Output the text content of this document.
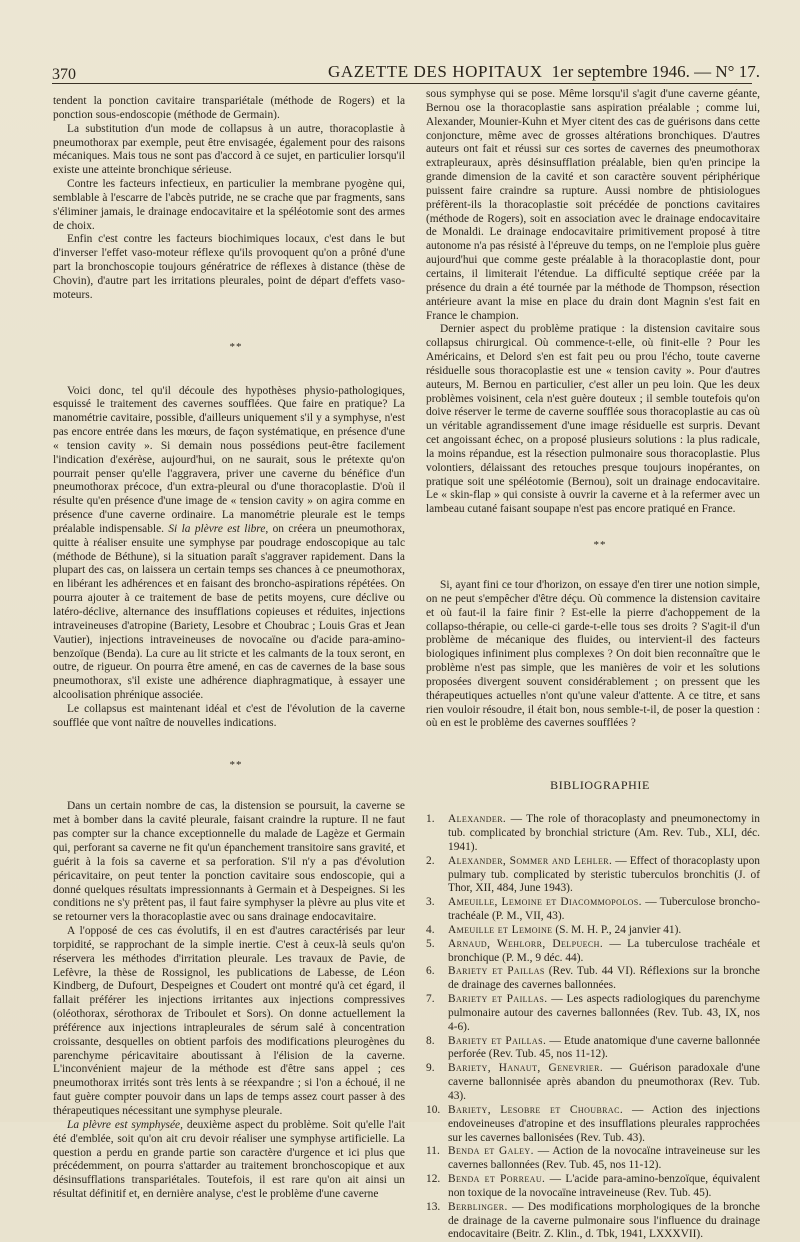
370	GAZETTE DES HOPITAUX 1er septembre 1946. — N° 17.

tendent la ponction cavitaire transpariétale (méthode de Rogers) et la ponction sous-endoscopie (méthode de Germain).

La substitution d'un mode de collapsus à un autre, thoracoplastie à pneumothorax par exemple, peut être envisagée, également pour des raisons mécaniques. Mais tous ne sont pas d'accord à ce sujet, en particulier lorsqu'il existe une atteinte bronchique sérieuse.

Contre les facteurs infectieux, en particulier la membrane pyogène qui, semblable à l'escarre de l'abcès putride, ne se crache que par fragments, sans s'éliminer jamais, le drainage endocavitaire et la spéléotomie sont des armes de choix.

Enfin c'est contre les facteurs biochimiques locaux, c'est dans le but d'inverser l'effet vaso-moteur réflexe qu'ils provoquent qu'on a prôné d'une part la bronchoscopie toujours génératrice de réflexes à distance (thèse de Chovin), d'autre part les irritations pleurales, point de départ d'effets vaso-moteurs.

**

Voici donc, tel qu'il découle des hypothèses physio-pathologiques, esquissé le traitement des cavernes soufflées. Que faire en pratique? La manométrie cavitaire, possible, d'ailleurs uniquement s'il y a symphyse, n'est pas encore entrée dans les mœurs, de façon systématique, en présence d'une « tension cavity ». Si demain nous possédions peut-être facilement l'indication d'exérèse, aujourd'hui, on ne saurait, sous le prétexte qu'on pourrait penser qu'elle l'aggravera, priver une caverne du bénéfice d'un pneumothorax précoce, d'un extra-pleural ou d'une thoracoplastie. D'où il résulte qu'en présence d'une image de « tension cavity » on agira comme en présence d'une caverne ordinaire. La manométrie pleurale est le temps préalable indispensable. Si la plèvre est libre, on créera un pneumothorax, quitte à réaliser ensuite une symphyse par poudrage endoscopique au talc (méthode de Béthune), si la situation paraît s'aggraver rapidement. Dans la plupart des cas, on laissera un certain temps ses chances à ce pneumothorax, en libérant les adhérences et en faisant des broncho-aspirations répétées. On pourra ajouter à ce traitement de base de petits moyens, cure déclive ou latéro-déclive, alternance des insufflations copieuses et réduites, injections intraveineuses d'atropine (Bariety, Lesobre et Choubrac ; Louis Gras et Jean Vautier), injections intraveineuses de novocaïne ou d'acide para-amino-benzoïque (Benda). La cure au lit stricte et les calmants de la toux seront, en outre, de rigueur. On pourra être amené, en cas de cavernes de la base sous pneumothorax, s'il existe une adhérence diaphragmatique, à essayer une alcoolisation phrénique associée.

Le collapsus est maintenant idéal et c'est de l'évolution de la caverne soufflée que vont naître de nouvelles indications.

**

Dans un certain nombre de cas, la distension se poursuit, la caverne se met à bomber dans la cavité pleurale, faisant craindre la rupture. Il ne faut pas compter sur la chance exceptionnelle du malade de Lagèze et Germain qui, perforant sa caverne ne fit qu'un épanchement transitoire sans gravité, et guérit à la fois sa caverne et sa perforation. S'il n'y a pas d'évolution péricavitaire, on peut tenter la ponction cavitaire sous endoscopie, qui a donné quelques résultats impressionnants à Germain et à Despeignes. Si les conditions ne s'y prêtent pas, il faut faire symphyser la plèvre au plus vite et se retourner vers la thoracoplastie avec ou sans drainage endocavitaire.

A l'opposé de ces cas évolutifs, il en est d'autres caractérisés par leur torpidité, se rapprochant de la simple inertie. C'est à ceux-là seuls qu'on réservera les méthodes d'irritation pleurale. Les travaux de Pavie, de Lefèvre, la thèse de Rossignol, les publications de Labesse, de Léon Kindberg, de Dufourt, Despeignes et Coudert ont montré qu'à cet égard, il fallait préférer les injections irritantes aux injections compressives (oléothorax, sérothorax de Triboulet et Sors). On donne actuellement la préférence aux injections intrapleurales de sérum salé à concentration croissante, desquelles on obtient parfois des modifications pleurogènes du parenchyme péricavitaire aboutissant à l'élision de la caverne. L'inconvénient majeur de la méthode est d'être sans appel ; ces pneumothorax irrités sont très lents à se réexpandre ; si l'on a échoué, il ne faut guère compter pouvoir dans un laps de temps assez court passer à des thérapeutiques nécessitant une symphyse pleurale.

La plèvre est symphysée, deuxième aspect du problème. Soit qu'elle l'ait été d'emblée, soit qu'on ait cru devoir réaliser une symphyse artificielle. La question a perdu en grande partie son caractère d'urgence et ici plus que précédemment, on pourra s'attarder au traitement bronchoscopique et aux désinsufflations transpariétales. Toutefois, il est rare qu'on ait ainsi un résultat définitif et, en dernière analyse, c'est le problème d'une caverne

sous symphyse qui se pose. Même lorsqu'il s'agit d'une caverne géante, Bernou ose la thoracoplastie sans aspiration préalable ; comme lui, Alexander, Mounier-Kuhn et Myer citent des cas de guérisons dans cette conjoncture, même avec de grosses altérations bronchiques. D'autres auteurs ont fait et réussi sur ces sortes de cavernes des pneumothorax extrapleuraux, après désinsufflation préalable, bien qu'en principe la grande dimension de la cavité et son caractère souvent périphérique puissent faire craindre sa rupture. Aussi nombre de phtisiologues préfèrent-ils la thoracoplastie soit précédée de ponctions cavitaires (méthode de Rogers), soit en association avec le drainage endocavitaire de Monaldi. Le drainage endocavitaire primitivement proposé à titre autonome n'a pas résisté à l'épreuve du temps, on ne l'emploie plus guère aujourd'hui que comme geste préalable à la thoracoplastie dont, pour certains, il limiterait l'étendue. La difficulté septique créée par la présence du drain a été tournée par la méthode de Thompson, résection antérieure avant la mise en place du drain dont Magnin s'est fait en France le champion.

Dernier aspect du problème pratique : la distension cavitaire sous collapsus chirurgical. Où commence-t-elle, où finit-elle ? Pour les Américains, et Delord s'en est fait peu ou prou l'écho, toute caverne résiduelle sous thoracoplastie est une « tension cavity ». Pour d'autres auteurs, M. Bernou en particulier, c'est aller un peu loin. Que les deux problèmes voisinent, cela n'est guère douteux ; il semble toutefois qu'on doive réserver le terme de caverne soufflée sous thoracoplastie au cas où un véritable agrandissement d'une image résiduelle est surpris. Devant cet angoissant échec, on a proposé plusieurs solutions : la plus radicale, la moins répandue, est la résection pulmonaire sous thoracoplastie. Plus volontiers, délaissant des retouches presque toujours inopérantes, on pratique soit une spéléotomie (Bernou), soit un drainage endocavitaire. Le « skin-flap » qui consiste à ouvrir la caverne et à la refermer avec un lambeau cutané faisant soupape n'est pas encore pratiqué en France.

**

Si, ayant fini ce tour d'horizon, on essaye d'en tirer une notion simple, on ne peut s'empêcher d'être déçu. Où commence la distension cavitaire et où faut-il la faire finir ? Est-elle la pierre d'achoppement de la collapso-thérapie, ou celle-ci garde-t-elle tous ses droits ? S'agit-il d'un problème de mécanique des fluides, ou intervient-il des facteurs biologiques infiniment plus complexes ? On doit bien reconnaître que le problème n'est pas simple, que les manières de voir et les solutions proposées divergent souvent considérablement ; on pressent que les thérapeutiques actuelles n'ont qu'une valeur d'attente. A ce titre, et sans rien vouloir résoudre, il était bon, nous semble-t-il, de poser la question : où en est le problème des cavernes soufflées ?

BIBLIOGRAPHIE

1.	Alexander. — The role of thoracoplasty and pneumonectomy in tub. complicated by bronchial stricture (Am. Rev. Tub., XLI, déc. 1941).
2.	Alexander, Sommer and Lehler. — Effect of thoracoplasty upon pulmary tub. complicated by steristic tuberculos bronchitis (J. of Thor, XII, 484, June 1943).
3.	Ameuille, Lemoine et Diacommopolos. — Tuberculose broncho-trachéale (P. M., VII, 43).
4.	Ameuille et Lemoine (S. M. H. P., 24 janvier 41).
5.	Arnaud, Wehlorr, Delpuech. — La tuberculose trachéale et bronchique (P. M., 9 déc. 44).
6.	Bariety et Paillas (Rev. Tub. 44 VI). Réflexions sur la bronche de drainage des cavernes ballonnées.
7.	Bariety et Paillas. — Les aspects radiologiques du parenchyme pulmonaire autour des cavernes ballonnées (Rev. Tub. 43, IX, nos 4-6).
8.	Bariety et Paillas. — Etude anatomique d'une caverne ballonnée perforée (Rev. Tub. 45, nos 11-12).
9.	Bariety, Hanaut, Genevrier. — Guérison paradoxale d'une caverne ballonnisée après abandon du pneumothorax (Rev. Tub. 43).
10. Bariety, Lesobre et Choubrac. — Action des injections endoveineuses d'atropine et des insufflations pleurales rapprochées sur les cavernes ballonisées (Rev. Tub. 43).
11. Benda et Galey. — Action de la novocaïne intraveineuse sur les cavernes ballonnées (Rev. Tub. 45, nos 11-12).
12. Benda et Porreau. — L'acide para-amino-benzoïque, équivalent non toxique de la novocaïne intraveineuse (Rev. Tub. 45).
13. Berblinger. — Des modifications morphologiques de la bronche de drainage de la caverne pulmonaire sous l'influence du drainage endocavitaire (Beitr. Z. Klin., d. Tbk, 1941, LXXXVII).
